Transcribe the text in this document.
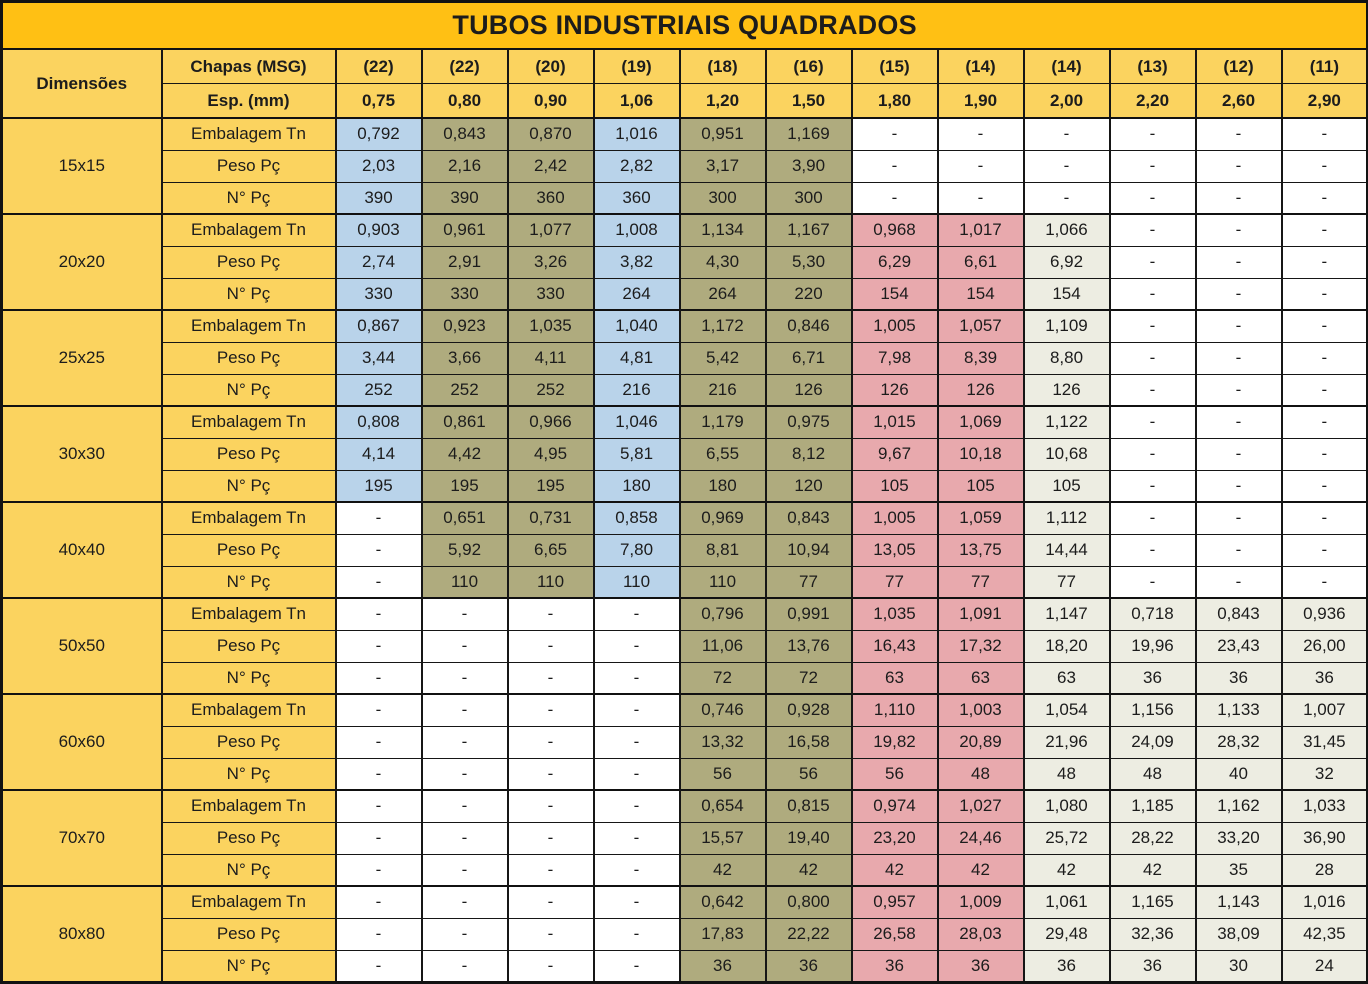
TUBOS INDUSTRIAIS QUADRADOS													
Dimensões	Chapas (MSG)	(22)	(22)	(20)	(19)	(18)	(16)	(15)	(14)	(14)	(13)	(12)	(11)
	Esp. (mm)	0,75	0,80	0,90	1,06	1,20	1,50	1,80	1,90	2,00	2,20	2,60	2,90
15x15	Embalagem Tn	0,792	0,843	0,870	1,016	0,951	1,169	-	-	-	-	-	-
	Peso Pç	2,03	2,16	2,42	2,82	3,17	3,90	-	-	-	-	-	-
	N° Pç	390	390	360	360	300	300	-	-	-	-	-	-
20x20	Embalagem Tn	0,903	0,961	1,077	1,008	1,134	1,167	0,968	1,017	1,066	-	-	-
	Peso Pç	2,74	2,91	3,26	3,82	4,30	5,30	6,29	6,61	6,92	-	-	-
	N° Pç	330	330	330	264	264	220	154	154	154	-	-	-
25x25	Embalagem Tn	0,867	0,923	1,035	1,040	1,172	0,846	1,005	1,057	1,109	-	-	-
	Peso Pç	3,44	3,66	4,11	4,81	5,42	6,71	7,98	8,39	8,80	-	-	-
	N° Pç	252	252	252	216	216	126	126	126	126	-	-	-
30x30	Embalagem Tn	0,808	0,861	0,966	1,046	1,179	0,975	1,015	1,069	1,122	-	-	-
	Peso Pç	4,14	4,42	4,95	5,81	6,55	8,12	9,67	10,18	10,68	-	-	-
	N° Pç	195	195	195	180	180	120	105	105	105	-	-	-
40x40	Embalagem Tn	-	0,651	0,731	0,858	0,969	0,843	1,005	1,059	1,112	-	-	-
	Peso Pç	-	5,92	6,65	7,80	8,81	10,94	13,05	13,75	14,44	-	-	-
	N° Pç	-	110	110	110	110	77	77	77	77	-	-	-
50x50	Embalagem Tn	-	-	-	-	0,796	0,991	1,035	1,091	1,147	0,718	0,843	0,936
	Peso Pç	-	-	-	-	11,06	13,76	16,43	17,32	18,20	19,96	23,43	26,00
	N° Pç	-	-	-	-	72	72	63	63	63	36	36	36
60x60	Embalagem Tn	-	-	-	-	0,746	0,928	1,110	1,003	1,054	1,156	1,133	1,007
	Peso Pç	-	-	-	-	13,32	16,58	19,82	20,89	21,96	24,09	28,32	31,45
	N° Pç	-	-	-	-	56	56	56	48	48	48	40	32
70x70	Embalagem Tn	-	-	-	-	0,654	0,815	0,974	1,027	1,080	1,185	1,162	1,033
	Peso Pç	-	-	-	-	15,57	19,40	23,20	24,46	25,72	28,22	33,20	36,90
	N° Pç	-	-	-	-	42	42	42	42	42	42	35	28
80x80	Embalagem Tn	-	-	-	-	0,642	0,800	0,957	1,009	1,061	1,165	1,143	1,016
	Peso Pç	-	-	-	-	17,83	22,22	26,58	28,03	29,48	32,36	38,09	42,35
	N° Pç	-	-	-	-	36	36	36	36	36	36	30	24
